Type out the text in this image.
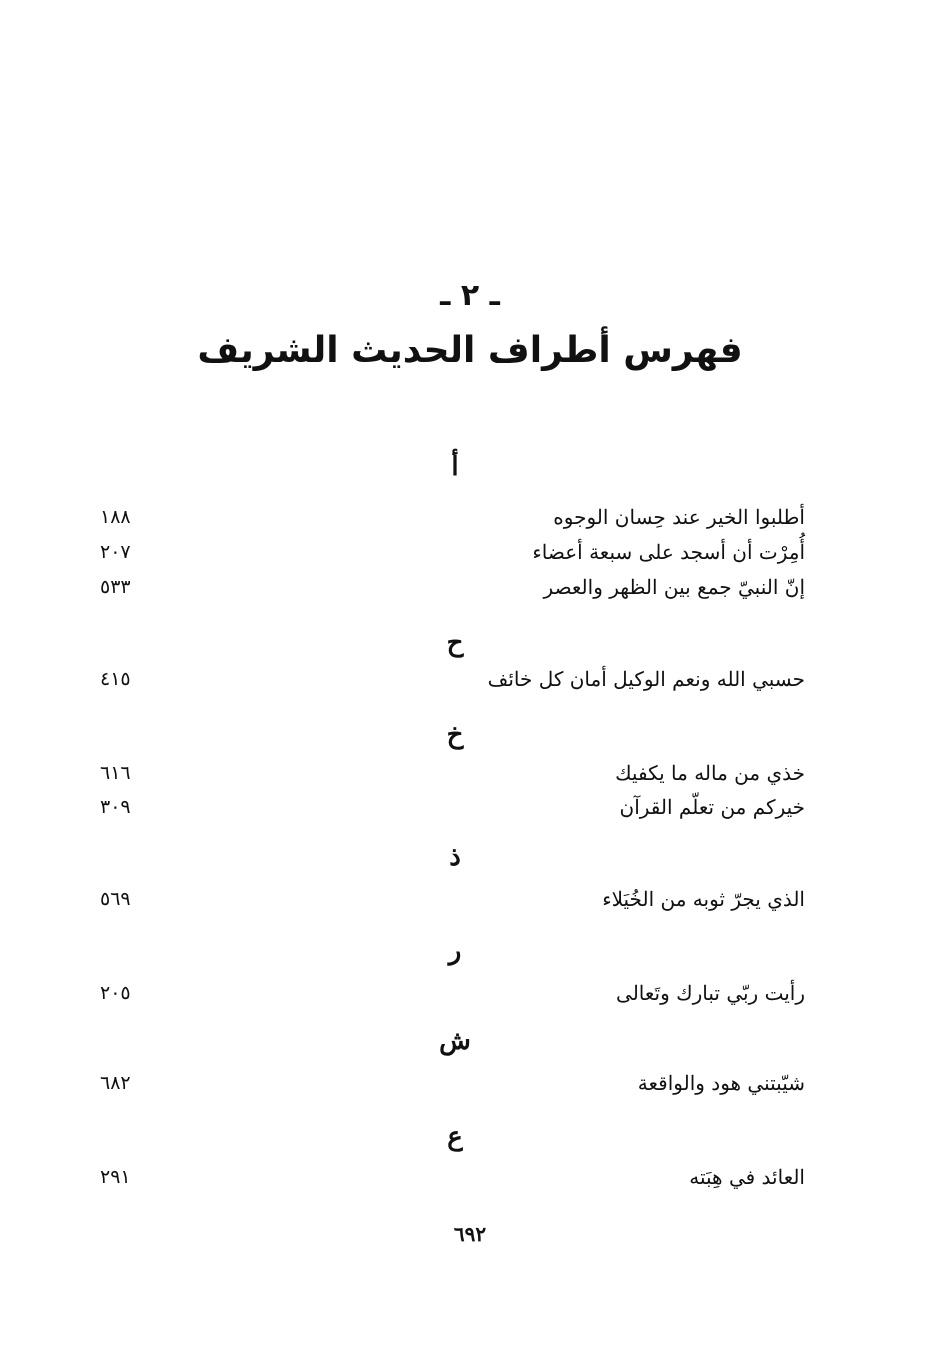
ـ ٢ ـ
فهرس أطراف الحديث الشريف
أ
أطلبوا الخير عند حِسان الوجوه
١٨٨
أُمِرْت أن أسجد على سبعة أعضاء
٢٠٧
إنّ النبيّ جمع بين الظهر والعصر
٥٣٣
ح
حسبي الله ونعم الوكيل أمان كل خائف
٤١٥
خ
خذي من ماله ما يكفيك
٦١٦
خيركم من تعلّم القرآن
٣٠٩
ذ
الذي يجرّ ثوبه من الخُيَلاء
٥٦٩
ر
رأيت ربّي تبارك وتَعالى
٢٠٥
ش
شيّبتني هود والواقعة
٦٨٢
ع
العائد في هِبَته
٢٩١
٦٩٢
